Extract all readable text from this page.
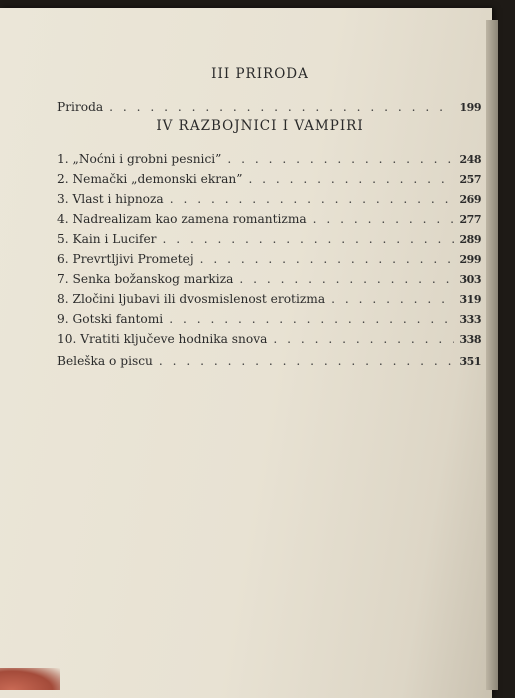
III PRIRODA
Priroda . . .	199
IV RAZBOJNICI I VAMPIRI
1. „Noćni i grobni pesnici” . . .	248
2. Nemački „demonski ekran” . . .	257
3. Vlast i hipnoza . . .	269
4. Nadrealizam kao zamena romantizma . . .	277
5. Kain i Lucifer . . .	289
6. Prevrtljivi Prometej . . .	299
7. Senka božanskog markiza . . .	303
8. Zločini ljubavi ili dvosmislenost erotizma . . .	319
9. Gotski fantomi . . .	333
10. Vratiti ključeve hodnika snova . . .	338
Beleška o piscu . . .	351
